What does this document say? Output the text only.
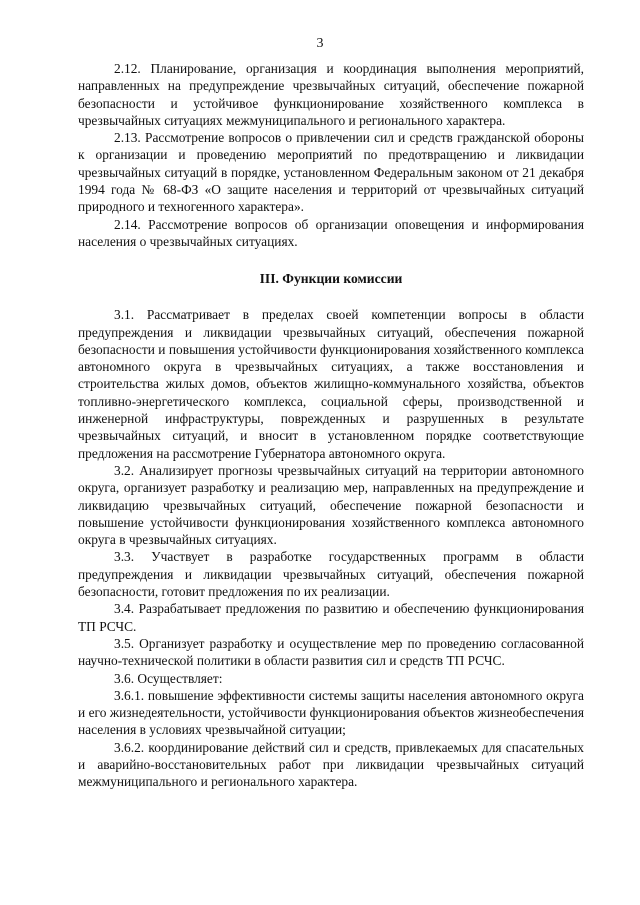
3

2.12. Планирование, организация и координация выполнения мероприятий, направленных на предупреждение чрезвычайных ситуаций, обеспечение пожарной безопасности и устойчивое функционирование хозяйственного комплекса в чрезвычайных ситуациях межмуниципального и регионального характера.

2.13. Рассмотрение вопросов о привлечении сил и средств гражданской обороны к организации и проведению мероприятий по предотвращению и ликвидации чрезвычайных ситуаций в порядке, установленном Федеральным законом от 21 декабря 1994 года № 68-ФЗ «О защите населения и территорий от чрезвычайных ситуаций природного и техногенного характера».

2.14. Рассмотрение вопросов об организации оповещения и информирования населения о чрезвычайных ситуациях.

III. Функции комиссии

3.1. Рассматривает в пределах своей компетенции вопросы в области предупреждения и ликвидации чрезвычайных ситуаций, обеспечения пожарной безопасности и повышения устойчивости функционирования хозяйственного комплекса автономного округа в чрезвычайных ситуациях, а также восстановления и строительства жилых домов, объектов жилищно-коммунального хозяйства, объектов топливно-энергетического комплекса, социальной сферы, производственной и инженерной инфраструктуры, поврежденных и разрушенных в результате чрезвычайных ситуаций, и вносит в установленном порядке соответствующие предложения на рассмотрение Губернатора автономного округа.

3.2. Анализирует прогнозы чрезвычайных ситуаций на территории автономного округа, организует разработку и реализацию мер, направленных на предупреждение и ликвидацию чрезвычайных ситуаций, обеспечение пожарной безопасности и повышение устойчивости функционирования хозяйственного комплекса автономного округа в чрезвычайных ситуациях.

3.3. Участвует в разработке государственных программ в области предупреждения и ликвидации чрезвычайных ситуаций, обеспечения пожарной безопасности, готовит предложения по их реализации.

3.4. Разрабатывает предложения по развитию и обеспечению функционирования ТП РСЧС.

3.5. Организует разработку и осуществление мер по проведению согласованной научно-технической политики в области развития сил и средств ТП РСЧС.

3.6. Осуществляет:

3.6.1. повышение эффективности системы защиты населения автономного округа и его жизнедеятельности, устойчивости функционирования объектов жизнеобеспечения населения в условиях чрезвычайной ситуации;

3.6.2. координирование действий сил и средств, привлекаемых для спасательных и аварийно-восстановительных работ при ликвидации чрезвычайных ситуаций межмуниципального и регионального характера.
